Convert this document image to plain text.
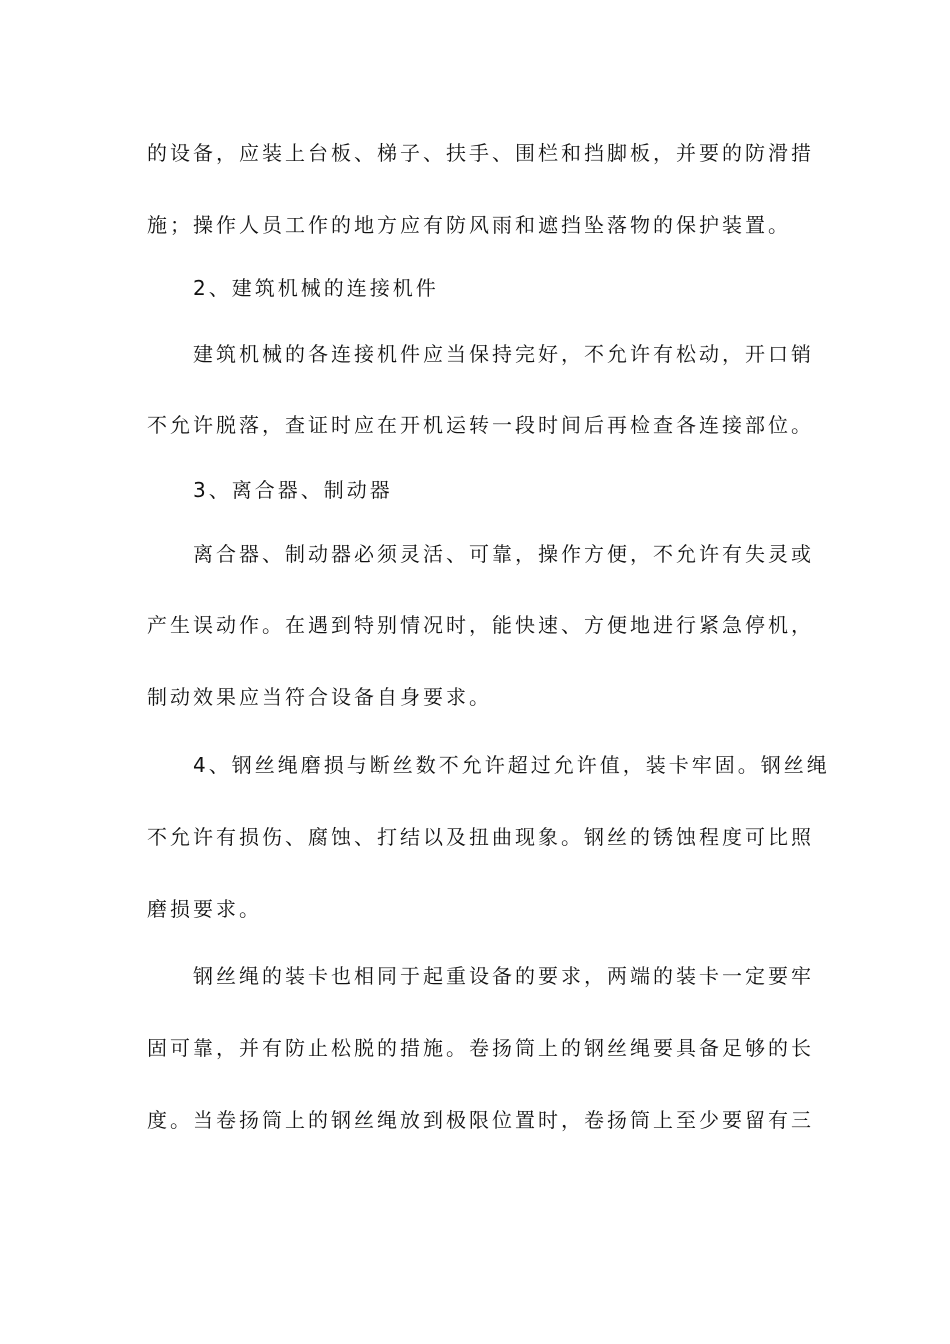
的设备，应装上台板、梯子、扶手、围栏和挡脚板，并要的防滑措
施；操作人员工作的地方应有防风雨和遮挡坠落物的保护装置。
2、建筑机械的连接机件
建筑机械的各连接机件应当保持完好，不允许有松动，开口销
不允许脱落，查证时应在开机运转一段时间后再检查各连接部位。
3、离合器、制动器
离合器、制动器必须灵活、可靠，操作方便，不允许有失灵或
产生误动作。在遇到特别情况时，能快速、方便地进行紧急停机，
制动效果应当符合设备自身要求。
4、钢丝绳磨损与断丝数不允许超过允许值，装卡牢固。钢丝绳
不允许有损伤、腐蚀、打结以及扭曲现象。钢丝的锈蚀程度可比照
磨损要求。
钢丝绳的装卡也相同于起重设备的要求，两端的装卡一定要牢
固可靠，并有防止松脱的措施。卷扬筒上的钢丝绳要具备足够的长
度。当卷扬筒上的钢丝绳放到极限位置时，卷扬筒上至少要留有三
